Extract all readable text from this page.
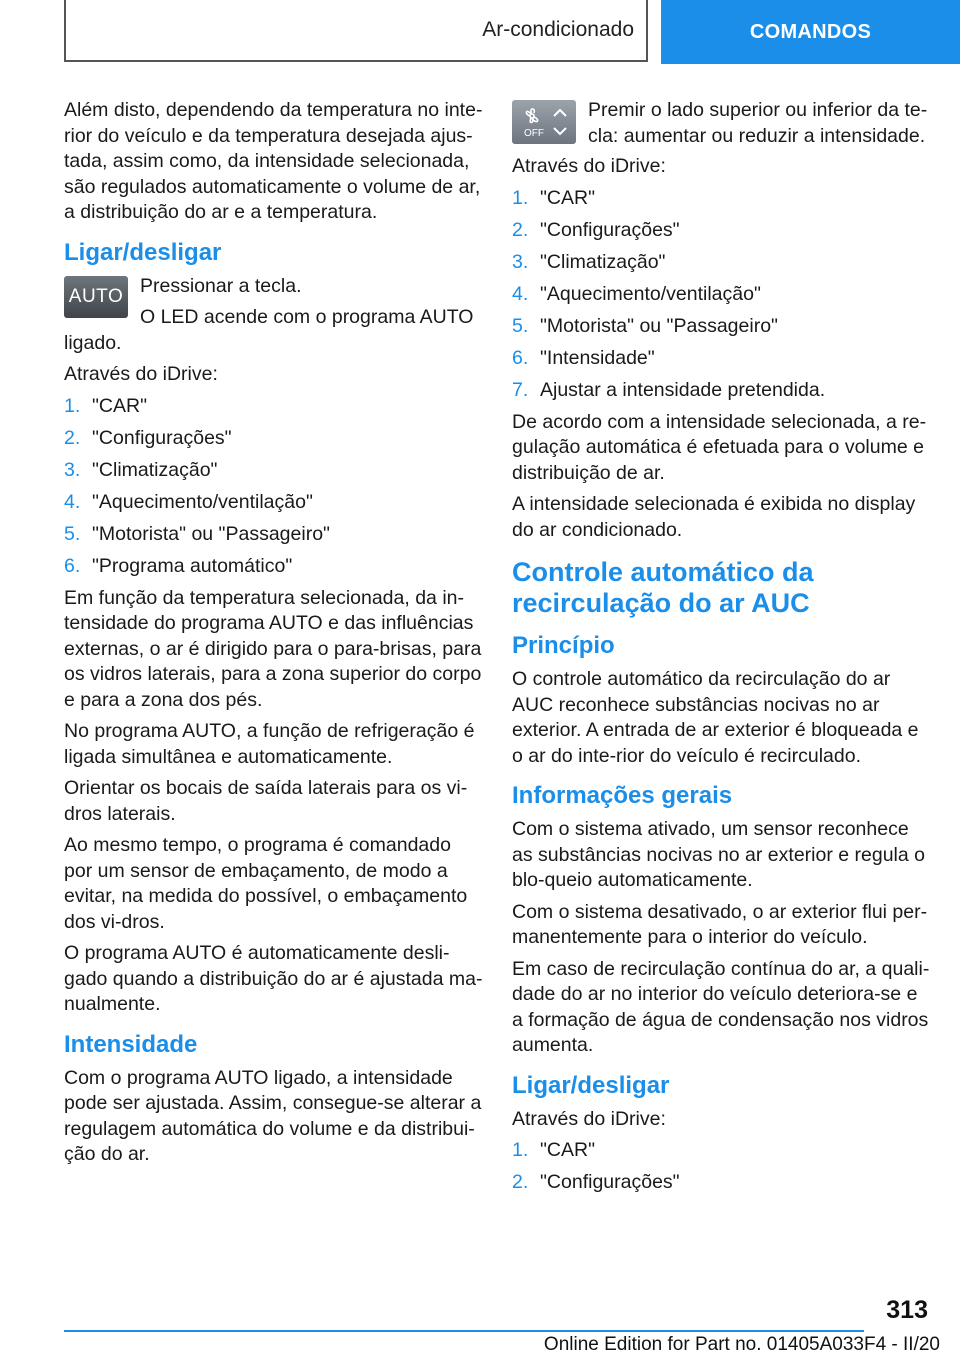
Ar-condicionado	COMANDOS

Além disto, dependendo da temperatura no inte-rior do veículo e da temperatura desejada ajus-tada, assim como, da intensidade selecionada, são regulados automaticamente o volume de ar, a distribuição do ar e a temperatura.

Ligar/desligar
AUTO Pressionar a tecla.

O LED acende com o programa AUTO ligado.

Através do iDrive:

1. "CAR"
2. "Configurações"
3. "Climatização"
4. "Aquecimento/ventilação"
5. "Motorista" ou "Passageiro"
6. "Programa automático"

Em função da temperatura selecionada, da in-tensidade do programa AUTO e das influências externas, o ar é dirigido para o para-brisas, para os vidros laterais, para a zona superior do corpo e para a zona dos pés.

No programa AUTO, a função de refrigeração é ligada simultânea e automaticamente.

Orientar os bocais de saída laterais para os vi-dros laterais.

Ao mesmo tempo, o programa é comandado por um sensor de embaçamento, de modo a evitar, na medida do possível, o embaçamento dos vi-dros.

O programa AUTO é automaticamente desli-gado quando a distribuição do ar é ajustada ma-nualmente.

Intensidade

Com o programa AUTO ligado, a intensidade pode ser ajustada. Assim, consegue-se alterar a regulagem automática do volume e da distribui-ção do ar.

OFF

Premir o lado superior ou inferior da te-cla: aumentar ou reduzir a intensidade.

Através do iDrive:

1. "CAR"
2. "Configurações"
3. "Climatização"
4. "Aquecimento/ventilação"
5. "Motorista" ou "Passageiro"
6. "Intensidade"
7. Ajustar a intensidade pretendida.

De acordo com a intensidade selecionada, a re-gulação automática é efetuada para o volume e distribuição de ar.

A intensidade selecionada é exibida no display do ar condicionado.

Controle automático da recirculação do ar AUC
Princípio

O controle automático da recirculação do ar AUC reconhece substâncias nocivas no ar exterior. A entrada de ar exterior é bloqueada e o ar do inte-rior do veículo é recirculado.

Informações gerais

Com o sistema ativado, um sensor reconhece as substâncias nocivas no ar exterior e regula o blo-queio automaticamente.

Com o sistema desativado, o ar exterior flui per-manentemente para o interior do veículo.

Em caso de recirculação contínua do ar, a quali-dade do ar no interior do veículo deteriora-se e a formação de água de condensação nos vidros aumenta.

Ligar/desligar

Através do iDrive:

1. "CAR"
2. "Configurações"
313
Online Edition for Part no. 01405A033F4 - II/20
